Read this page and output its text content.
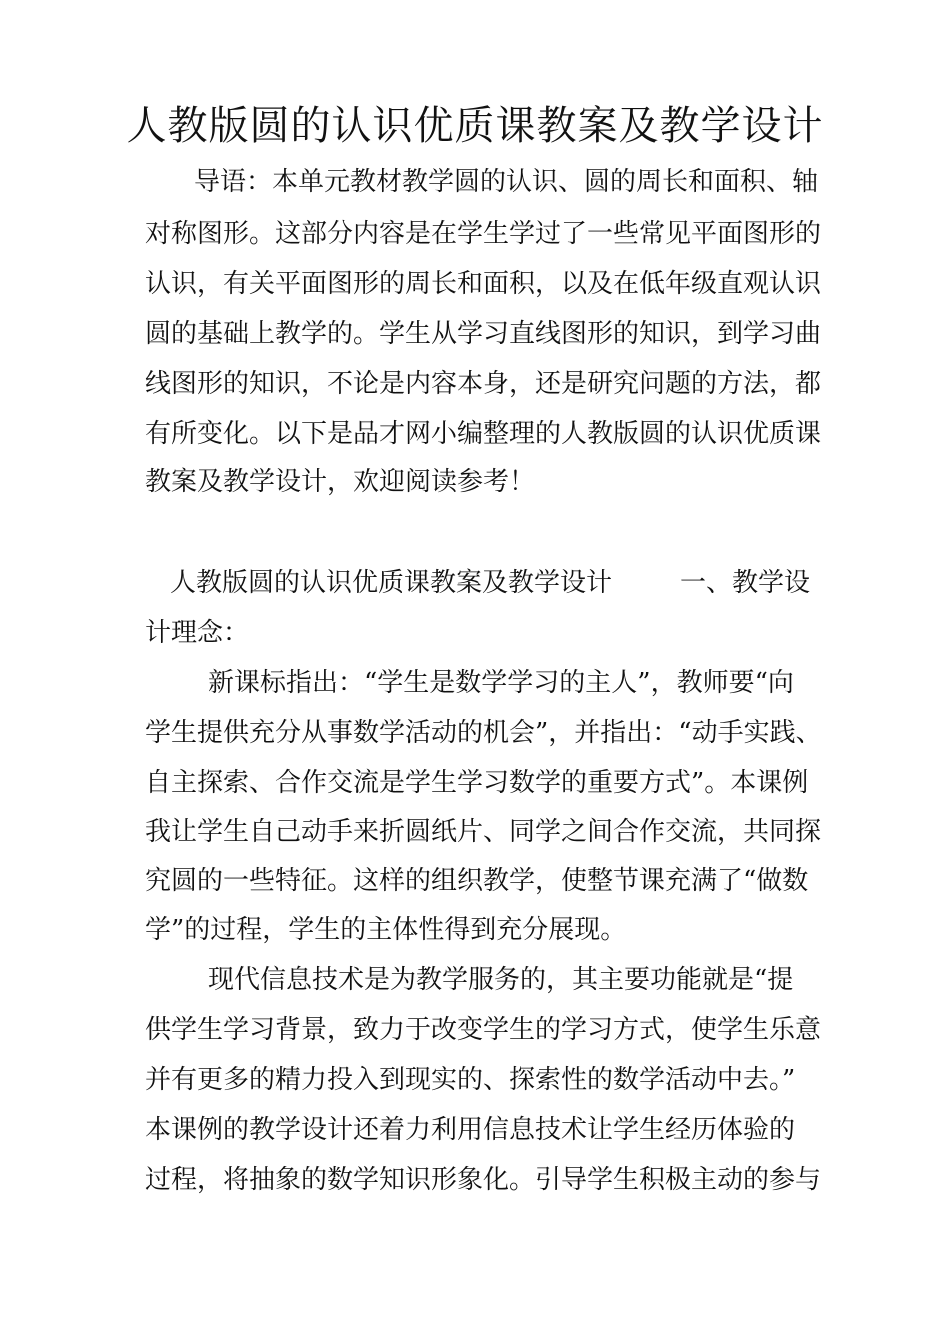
人教版圆的认识优质课教案及教学设计
导语：本单元教材教学圆的认识、圆的周长和面积、轴
对称图形。这部分内容是在学生学过了一些常见平面图形的
认识，有关平面图形的周长和面积，以及在低年级直观认识
圆的基础上教学的。学生从学习直线图形的知识，到学习曲
线图形的知识，不论是内容本身，还是研究问题的方法，都
有所变化。以下是品才网小编整理的人教版圆的认识优质课
教案及教学设计，欢迎阅读参考！
人教版圆的认识优质课教案及教学设计	一、教学设
计理念：
新课标指出：“学生是数学学习的主人”，教师要“向
学生提供充分从事数学活动的机会”，并指出：“动手实践、
自主探索、合作交流是学生学习数学的重要方式”。本课例
我让学生自己动手来折圆纸片、同学之间合作交流，共同探
究圆的一些特征。这样的组织教学，使整节课充满了“做数
学”的过程，学生的主体性得到充分展现。
现代信息技术是为教学服务的，其主要功能就是“提
供学生学习背景，致力于改变学生的学习方式，使学生乐意
并有更多的精力投入到现实的、探索性的数学活动中去。”
本课例的教学设计还着力利用信息技术让学生经历体验的
过程，将抽象的数学知识形象化。引导学生积极主动的参与
